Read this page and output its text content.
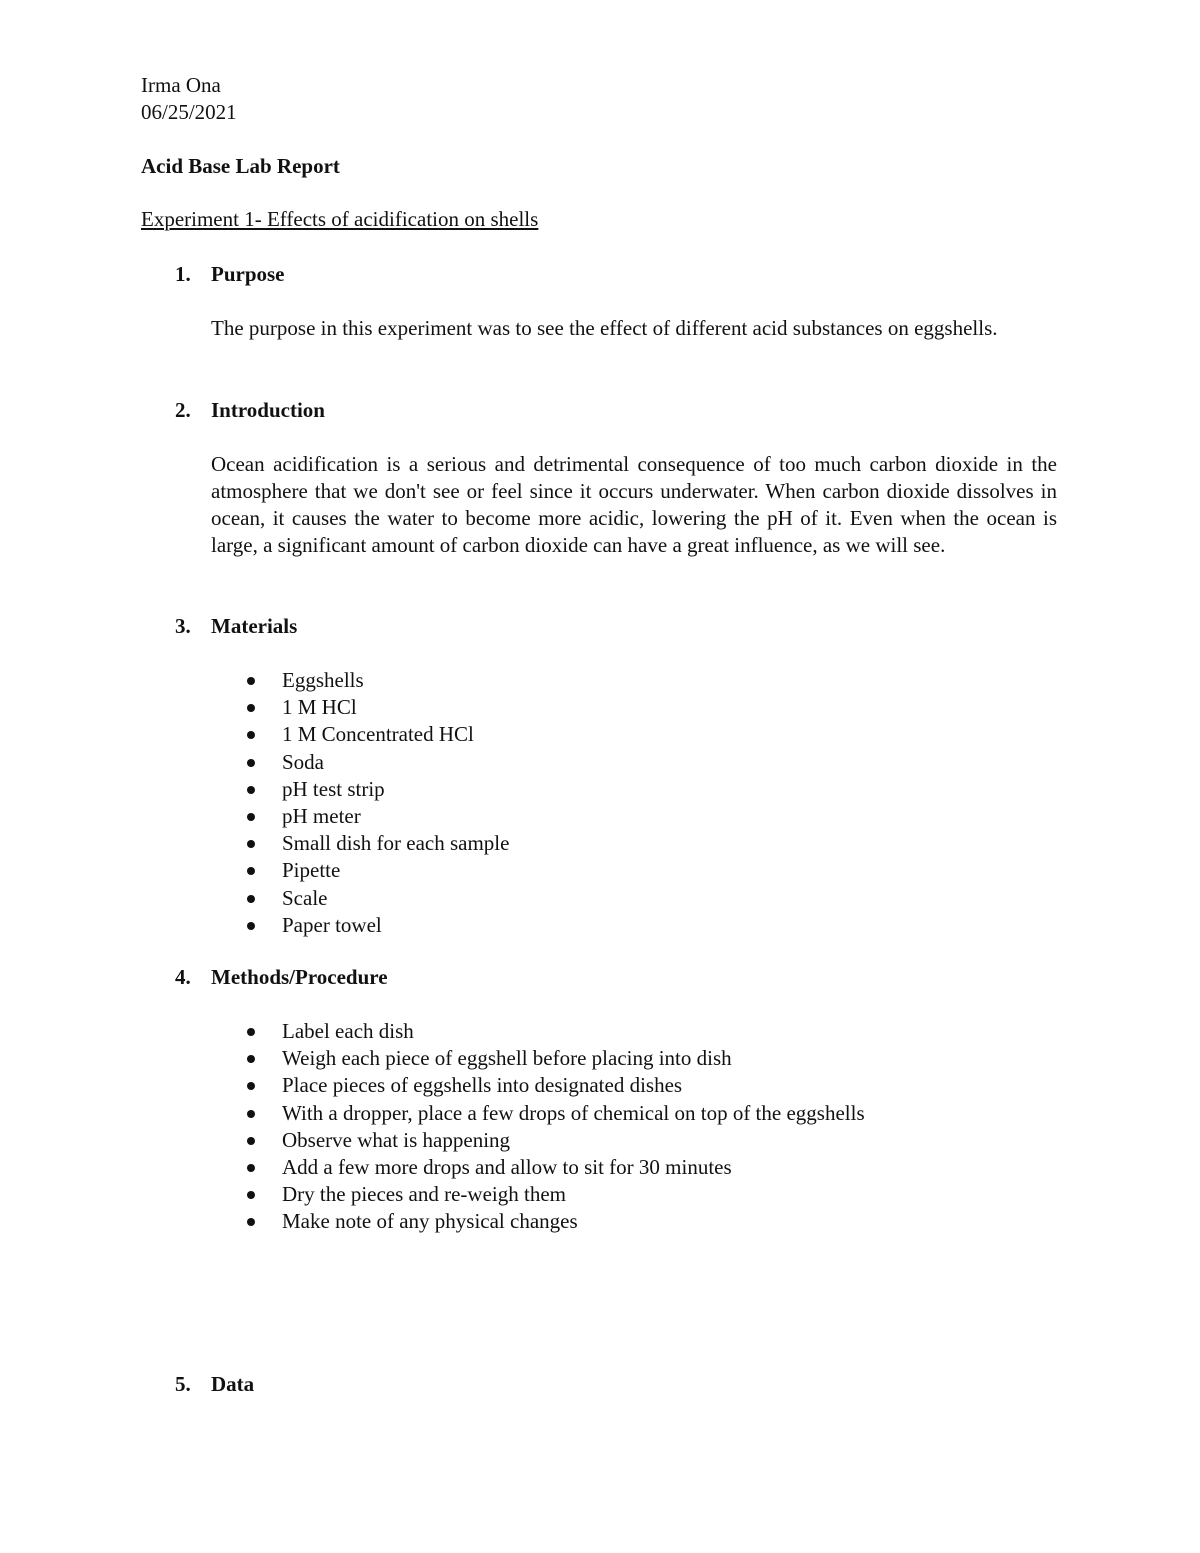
Irma Ona
06/25/2021
Acid Base Lab Report
Experiment 1- Effects of acidification on shells
1. Purpose
The purpose in this experiment was to see the effect of different acid substances on eggshells.
2. Introduction
Ocean acidification is a serious and detrimental consequence of too much carbon dioxide in the atmosphere that we don't see or feel since it occurs underwater. When carbon dioxide dissolves in ocean, it causes the water to become more acidic, lowering the pH of it. Even when the ocean is large, a significant amount of carbon dioxide can have a great influence, as we will see.
3. Materials
Eggshells
1 M HCl
1 M Concentrated HCl
Soda
pH test strip
pH meter
Small dish for each sample
Pipette
Scale
Paper towel
4. Methods/Procedure
Label each dish
Weigh each piece of eggshell before placing into dish
Place pieces of eggshells into designated dishes
With a dropper, place a few drops of chemical on top of the eggshells
Observe what is happening
Add a few more drops and allow to sit for 30 minutes
Dry the pieces and re-weigh them
Make note of any physical changes
5. Data
